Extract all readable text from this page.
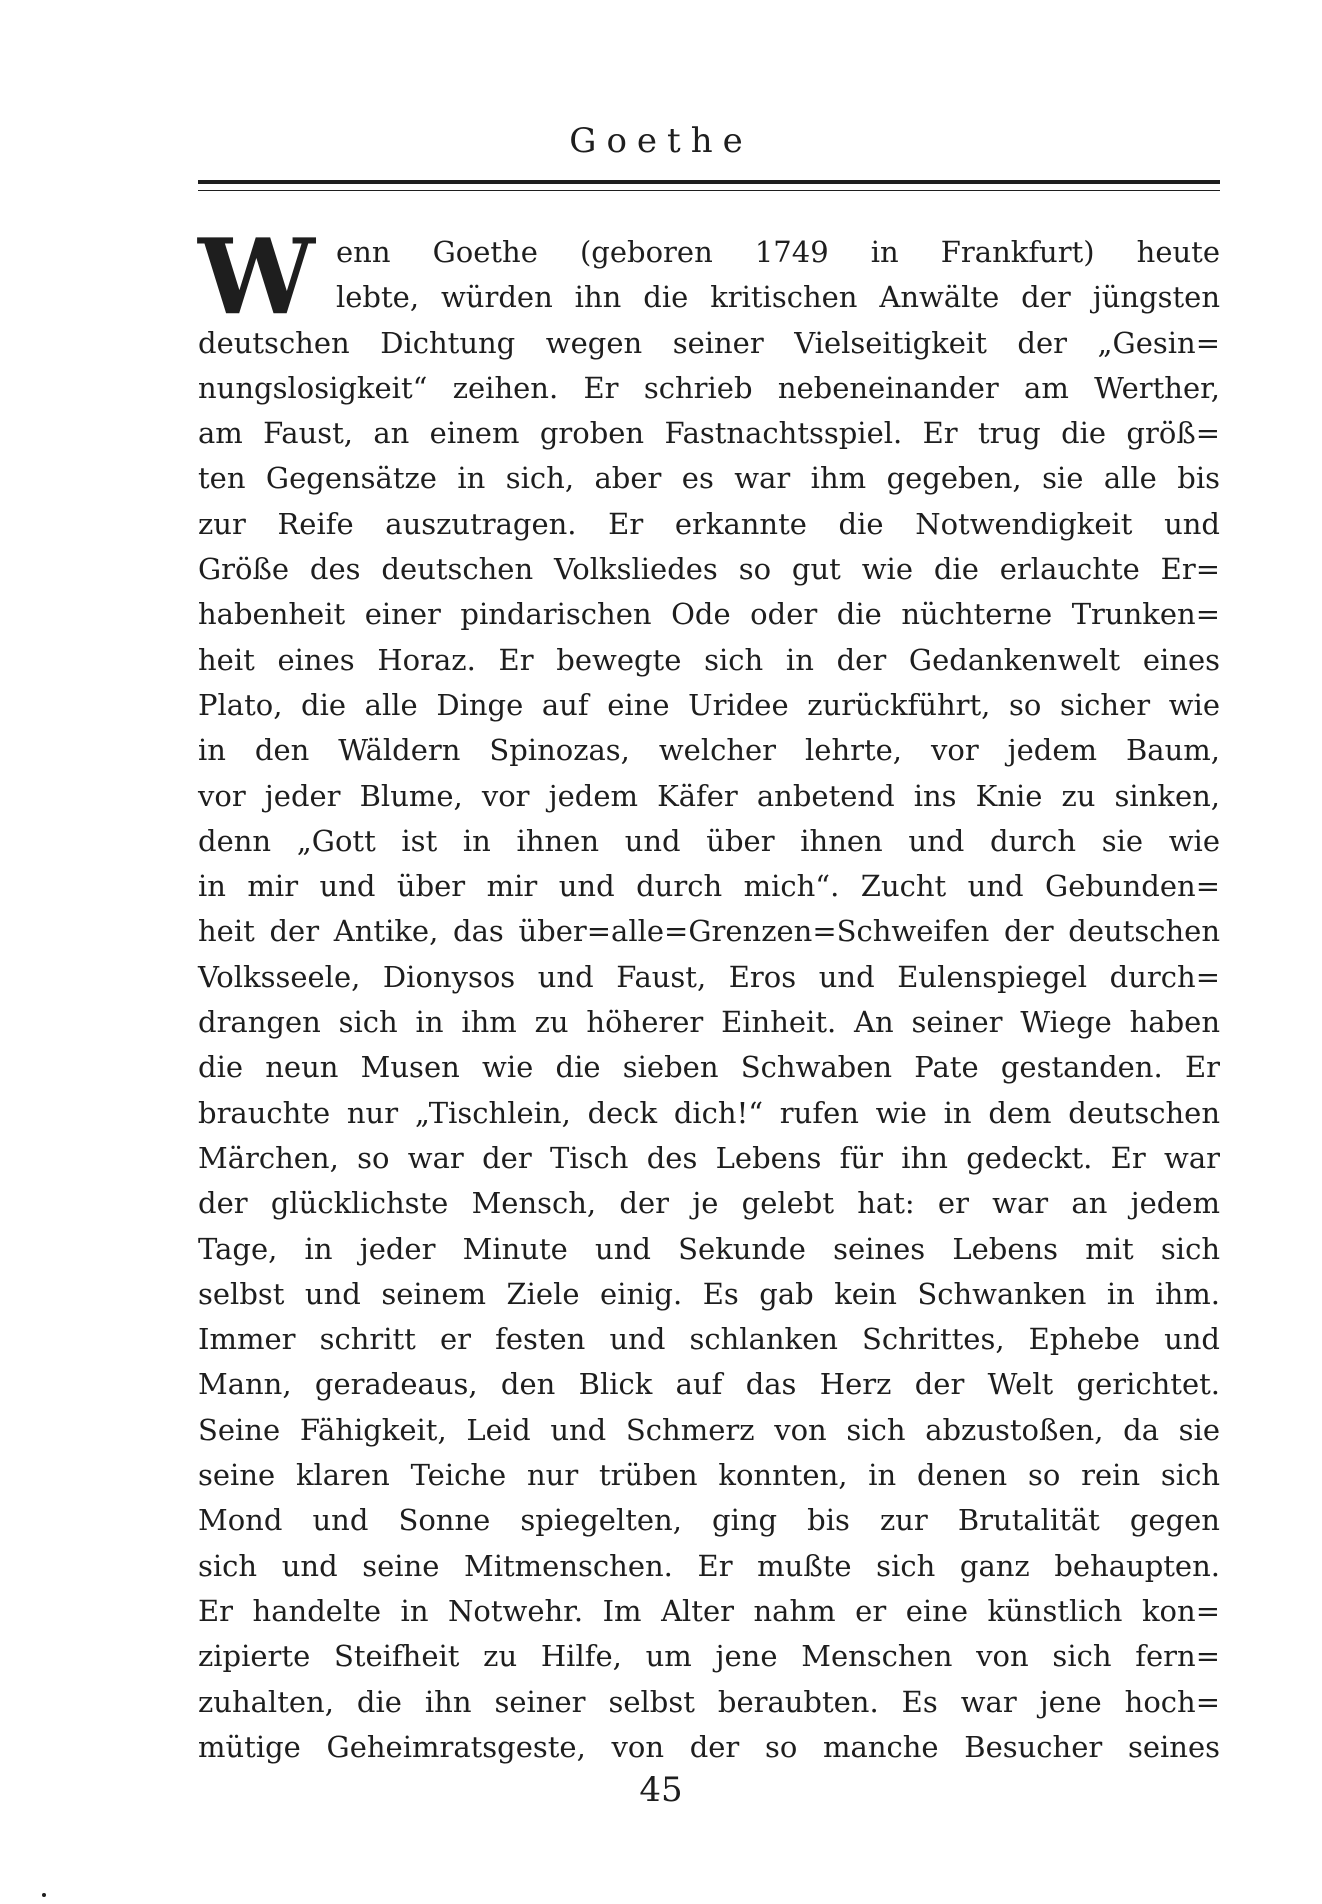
Goethe
W enn Goethe (geboren 1749 in Frankfurt) heute
lebte, würden ihn die kritischen Anwälte der jüngsten
deutschen Dichtung wegen seiner Vielseitigkeit der „Gesin=
nungslosigkeit“ zeihen. Er schrieb nebeneinander am Werther,
am Faust, an einem groben Fastnachtsspiel. Er trug die größ=
ten Gegensätze in sich, aber es war ihm gegeben, sie alle bis
zur Reife auszutragen. Er erkannte die Notwendigkeit und
Größe des deutschen Volksliedes so gut wie die erlauchte Er=
habenheit einer pindarischen Ode oder die nüchterne Trunken=
heit eines Horaz. Er bewegte sich in der Gedankenwelt eines
Plato, die alle Dinge auf eine Uridee zurückführt, so sicher wie
in den Wäldern Spinozas, welcher lehrte, vor jedem Baum,
vor jeder Blume, vor jedem Käfer anbetend ins Knie zu sinken,
denn „Gott ist in ihnen und über ihnen und durch sie wie
in mir und über mir und durch mich“. Zucht und Gebunden=
heit der Antike, das über=alle=Grenzen=Schweifen der deutschen
Volksseele, Dionysos und Faust, Eros und Eulenspiegel durch=
drangen sich in ihm zu höherer Einheit. An seiner Wiege haben
die neun Musen wie die sieben Schwaben Pate gestanden. Er
brauchte nur „Tischlein, deck dich!“ rufen wie in dem deutschen
Märchen, so war der Tisch des Lebens für ihn gedeckt. Er war
der glücklichste Mensch, der je gelebt hat: er war an jedem
Tage, in jeder Minute und Sekunde seines Lebens mit sich
selbst und seinem Ziele einig. Es gab kein Schwanken in ihm.
Immer schritt er festen und schlanken Schrittes, Ephebe und
Mann, geradeaus, den Blick auf das Herz der Welt gerichtet.
Seine Fähigkeit, Leid und Schmerz von sich abzustoßen, da sie
seine klaren Teiche nur trüben konnten, in denen so rein sich
Mond und Sonne spiegelten, ging bis zur Brutalität gegen
sich und seine Mitmenschen. Er mußte sich ganz behaupten.
Er handelte in Notwehr. Im Alter nahm er eine künstlich kon=
zipierte Steifheit zu Hilfe, um jene Menschen von sich fern=
zuhalten, die ihn seiner selbst beraubten. Es war jene hoch=
mütige Geheimratsgeste, von der so manche Besucher seines
45
